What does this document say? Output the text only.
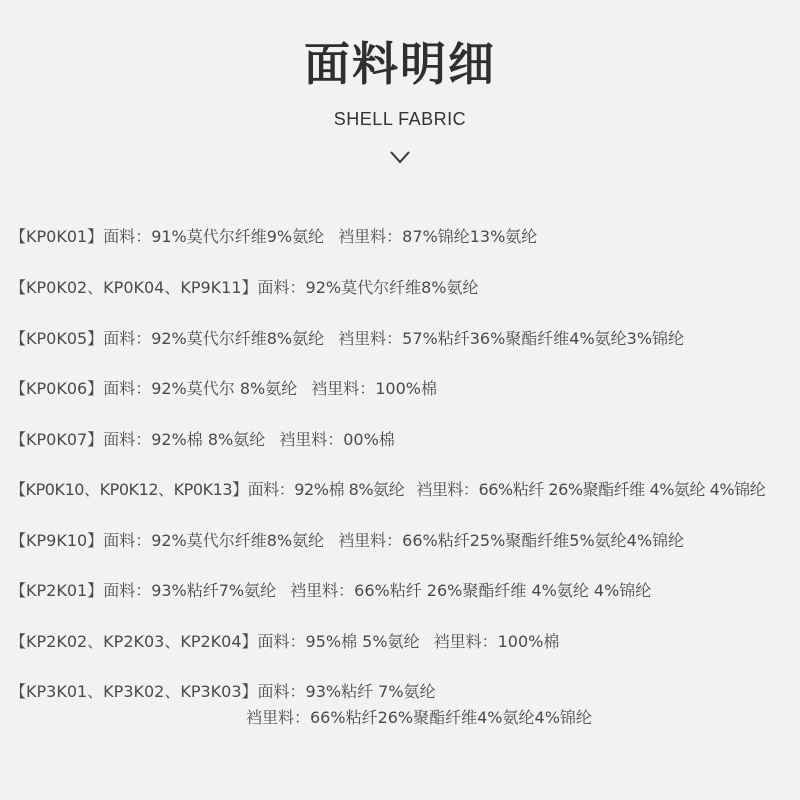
面料明细
SHELL FABRIC
【KP0K01】面料：91%莫代尔纤维9%氨纶 裆里料：87%锦纶13%氨纶
【KP0K02、KP0K04、KP9K11】面料：92%莫代尔纤维8%氨纶
【KP0K05】面料：92%莫代尔纤维8%氨纶 裆里料：57%粘纤36%聚酯纤维4%氨纶3%锦纶
【KP0K06】面料：92%莫代尔 8%氨纶 裆里料：100%棉
【KP0K07】面料：92%棉 8%氨纶 裆里料：00%棉
【KP0K10、KP0K12、KP0K13】面料：92%棉 8%氨纶 裆里料：66%粘纤 26%聚酯纤维 4%氨纶 4%锦纶
【KP9K10】面料：92%莫代尔纤维8%氨纶 裆里料：66%粘纤25%聚酯纤维5%氨纶4%锦纶
【KP2K01】面料：93%粘纤7%氨纶 裆里料：66%粘纤 26%聚酯纤维 4%氨纶 4%锦纶
【KP2K02、KP2K03、KP2K04】面料：95%棉 5%氨纶 裆里料：100%棉
【KP3K01、KP3K02、KP3K03】面料：93%粘纤 7%氨纶
裆里料：66%粘纤26%聚酯纤维4%氨纶4%锦纶
